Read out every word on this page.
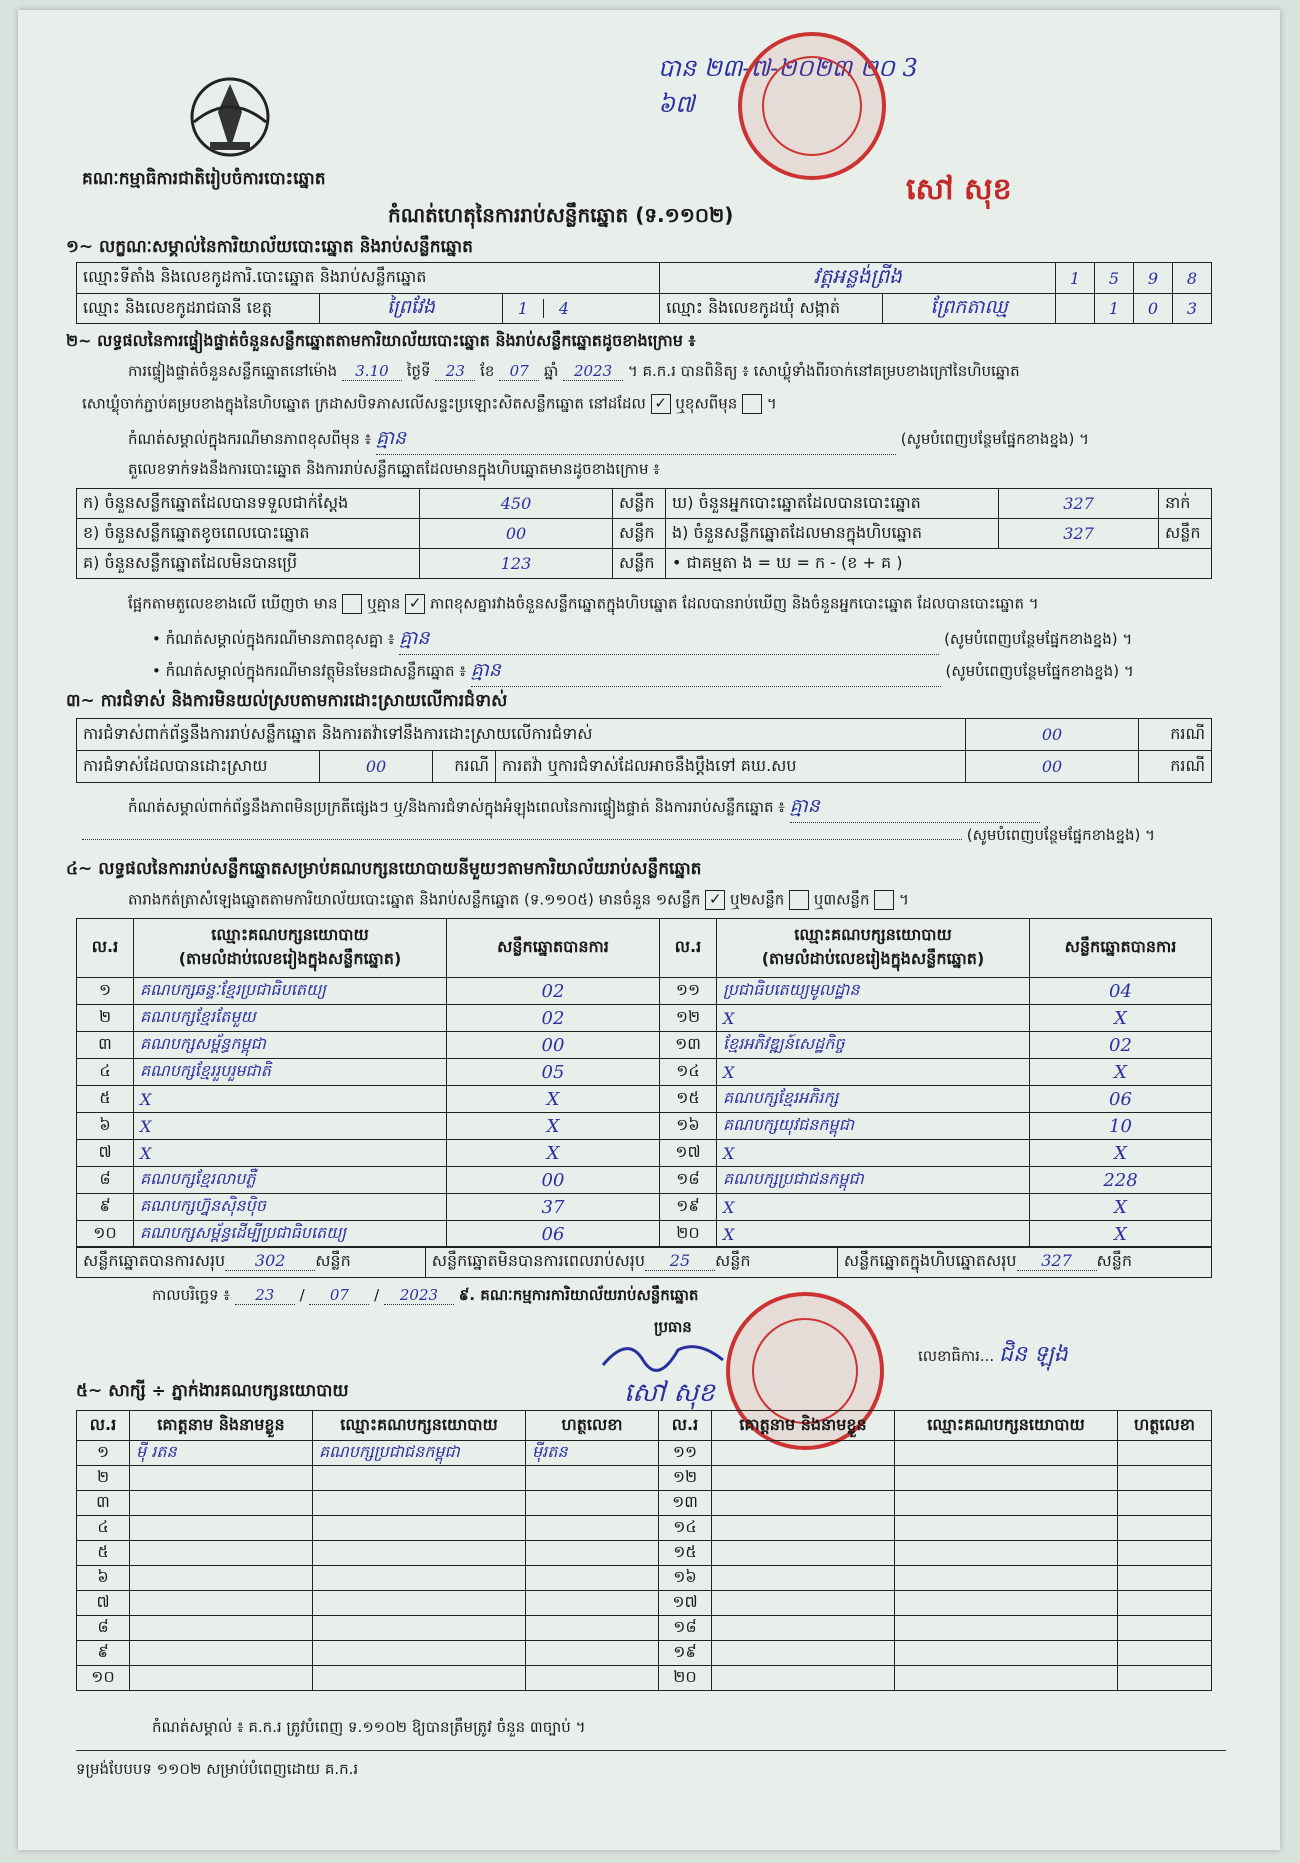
គណៈកម្មាធិការជាតិរៀបចំការបោះឆ្នោត
បាន ២៣-៧-២០២៣ ២០ 3 ៦៧
សៅ សុខ
កំណត់ហេតុនៃការរាប់សន្លឹកឆ្នោត (ទ.១១០២)
១~ លក្ខណៈសម្គាល់នៃការិយាល័យបោះឆ្នោត និងរាប់សន្លឹកឆ្នោត
ឈ្មោះទីតាំង និងលេខកូដការិ.បោះឆ្នោត និងរាប់សន្លឹកឆ្នោត			វត្តអន្លង់ព្រីង		1	5	9	8
ឈ្មោះ និងលេខកូដរាជធានី ខេត្ត	ព្រៃវែង	1 4	ឈ្មោះ និងលេខកូដឃុំ សង្កាត់	ព្រែកតាឈ្ម		1	0	3
២~ លទ្ធផលនៃការផ្ទៀងផ្ទាត់ចំនួនសន្លឹកឆ្នោតតាមការិយាល័យបោះឆ្នោត និងរាប់សន្លឹកឆ្នោតដូចខាងក្រោម ៖
ការផ្ទៀងផ្ទាត់ចំនួនសន្លឹកឆ្នោតនៅម៉ោង 3.10 ថ្ងៃទី 23 ខែ 07 ឆ្នាំ 2023 ។ គ.ក.រ បានពិនិត្យ ៖ សោឃ្លុំទាំងពីរចាក់នៅគម្របខាងក្រៅនៃហិបឆ្នោត
សោឃ្លុំចាក់ភ្ជាប់គម្របខាងក្នុងនៃហិបឆ្នោត ក្រដាសបិទភាសលើសន្ទះប្រឡោះសិតសន្លឹកឆ្នោត នៅដដែល ✓ ឬខុសពីមុន  ។
កំណត់សម្គាល់ក្នុងករណីមានភាពខុសពីមុន ៖ គ្មាន	(សូមបំពេញបន្ថែមផ្នែកខាងខ្នង) ។
តួលេខទាក់ទងនឹងការបោះឆ្នោត និងការរាប់សន្លឹកឆ្នោតដែលមានក្នុងហិបឆ្នោតមានដូចខាងក្រោម ៖
ក) ចំនួនសន្លឹកឆ្នោតដែលបានទទួលជាក់ស្តែង	450	សន្លឹក	ឃ) ចំនួនអ្នកបោះឆ្នោតដែលបានបោះឆ្នោត	327	នាក់
ខ) ចំនួនសន្លឹកឆ្នោតខូចពេលបោះឆ្នោត	00	សន្លឹក	ង) ចំនួនសន្លឹកឆ្នោតដែលមានក្នុងហិបឆ្នោត	327	សន្លឹក
គ) ចំនួនសន្លឹកឆ្នោតដែលមិនបានប្រើ	123	សន្លឹក	• ជាគម្មតា ង = ឃ = ក - (ខ + គ )		
ផ្អែកតាមតួលេខខាងលើ ឃើញថា មាន ឬគ្មាន ✓ ភាពខុសគ្នារវាងចំនួនសន្លឹកឆ្នោតក្នុងហិបឆ្នោត ដែលបានរាប់ឃើញ និងចំនួនអ្នកបោះឆ្នោត ដែលបានបោះឆ្នោត ។
• កំណត់សម្គាល់ក្នុងករណីមានភាពខុសគ្នា ៖ គ្មាន	(សូមបំពេញបន្ថែមផ្នែកខាងខ្នង) ។
• កំណត់សម្គាល់ក្នុងករណីមានវត្ថុមិនមែនជាសន្លឹកឆ្នោត ៖ គ្មាន	(សូមបំពេញបន្ថែមផ្នែកខាងខ្នង) ។
៣~ ការជំទាស់ និងការមិនយល់ស្របតាមការដោះស្រាយលើការជំទាស់
ការជំទាស់ពាក់ព័ន្ធនឹងការរាប់សន្លឹកឆ្នោត និងការតវ៉ាទៅនឹងការដោះស្រាយលើការជំទាស់				00	ករណី
ការជំទាស់ដែលបានដោះស្រាយ	00	ករណី	ការតវ៉ា ឬការជំទាស់ដែលអាចនឹងប្តឹងទៅ គឃ.សប	00	ករណី
កំណត់សម្គាល់ពាក់ព័ន្ធនឹងភាពមិនប្រក្រតីផ្សេងៗ ឬ/និងការជំទាស់ក្នុងអំឡុងពេលនៃការផ្ទៀងផ្ទាត់ និងការរាប់សន្លឹកឆ្នោត ៖ គ្មាន
(សូមបំពេញបន្ថែមផ្នែកខាងខ្នង) ។
៤~ លទ្ធផលនៃការរាប់សន្លឹកឆ្នោតសម្រាប់គណបក្សនយោបាយនីមួយៗតាមការិយាល័យរាប់សន្លឹកឆ្នោត
តារាងកត់ត្រាសំឡេងឆ្នោតតាមការិយាល័យបោះឆ្នោត និងរាប់សន្លឹកឆ្នោត (ទ.១១០៥) មានចំនួន ១សន្លឹក ✓ ឬ២សន្លឹក ឬ៣សន្លឹក ។
ល.រ	ឈ្មោះគណបក្សនយោបាយ
(តាមលំដាប់លេខរៀងក្នុងសន្លឹកឆ្នោត)	សន្លឹកឆ្នោតបានការ	ល.រ	ឈ្មោះគណបក្សនយោបាយ
(តាមលំដាប់លេខរៀងក្នុងសន្លឹកឆ្នោត)	សន្លឹកឆ្នោតបានការ
១	គណបក្សឆន្ទៈខ្មែរប្រជាធិបតេយ្យ	02	១១	ប្រជាធិបតេយ្យមូលដ្ឋាន	04
២	គណបក្សខ្មែរតែមួយ	02	១២	X	X
៣	គណបក្សសម្ព័ន្ធកម្ពុជា	00	១៣	ខ្មែរអភិវឌ្ឍន៍សេដ្ឋកិច្ច	02
៤	គណបក្សខ្មែររួបរួមជាតិ	05	១៤	X	X
៥	X	X	១៥	គណបក្សខ្មែរអភិរក្ស	06
៦	X	X	១៦	គណបក្សយុវជនកម្ពុជា	10
៧	X	X	១៧	X	X
៨	គណបក្សខ្មែរលាបភ្លឺ	00	១៨	គណបក្សប្រជាជនកម្ពុជា	228
៩	គណបក្សហ្វ៊ុនស៊ិនប៉ិច	37	១៩	X	X
១០	គណបក្សសម្ព័ន្ធដើម្បីប្រជាធិបតេយ្យ	06	២០	X	X
សន្លឹកឆ្នោតបានការសរុប 302 សន្លឹក	សន្លឹកឆ្នោតមិនបានការពេលរាប់សរុប 25 សន្លឹក	សន្លឹកឆ្នោតក្នុងហិបឆ្នោតសរុប 327 សន្លឹក
កាលបរិច្ឆេទ ៖ 23 / 07 / 2023 ៩. គណៈកម្មការការិយាល័យរាប់សន្លឹកឆ្នោត
ប្រធាន
សៅ សុខ
លេខាធិការ... ជិន ឡុង
៥~ សាក្សី ÷ ភ្នាក់ងារគណបក្សនយោបាយ
ល.រ	គោត្តនាម និងនាមខ្លួន	ឈ្មោះគណបក្សនយោបាយ	ហត្ថលេខា	ល.រ	គោត្តនាម និងនាមខ្លួន	ឈ្មោះគណបក្សនយោបាយ	ហត្ថលេខា
១	ម៉ី រតន	គណបក្សប្រជាជនកម្ពុជា	ម៉ីរតន	១១			
២				១២			
៣				១៣			
៤				១៤			
៥				១៥			
៦				១៦			
៧				១៧			
៨				១៨			
៩				១៩			
១០				២០			
កំណត់សម្គាល់ ៖ គ.ក.រ ត្រូវបំពេញ ទ.១១០២ ឱ្យបានត្រឹមត្រូវ ចំនួន ៣ច្បាប់ ។
ទម្រង់បែបបទ ១១០២ សម្រាប់បំពេញដោយ គ.ក.រ
